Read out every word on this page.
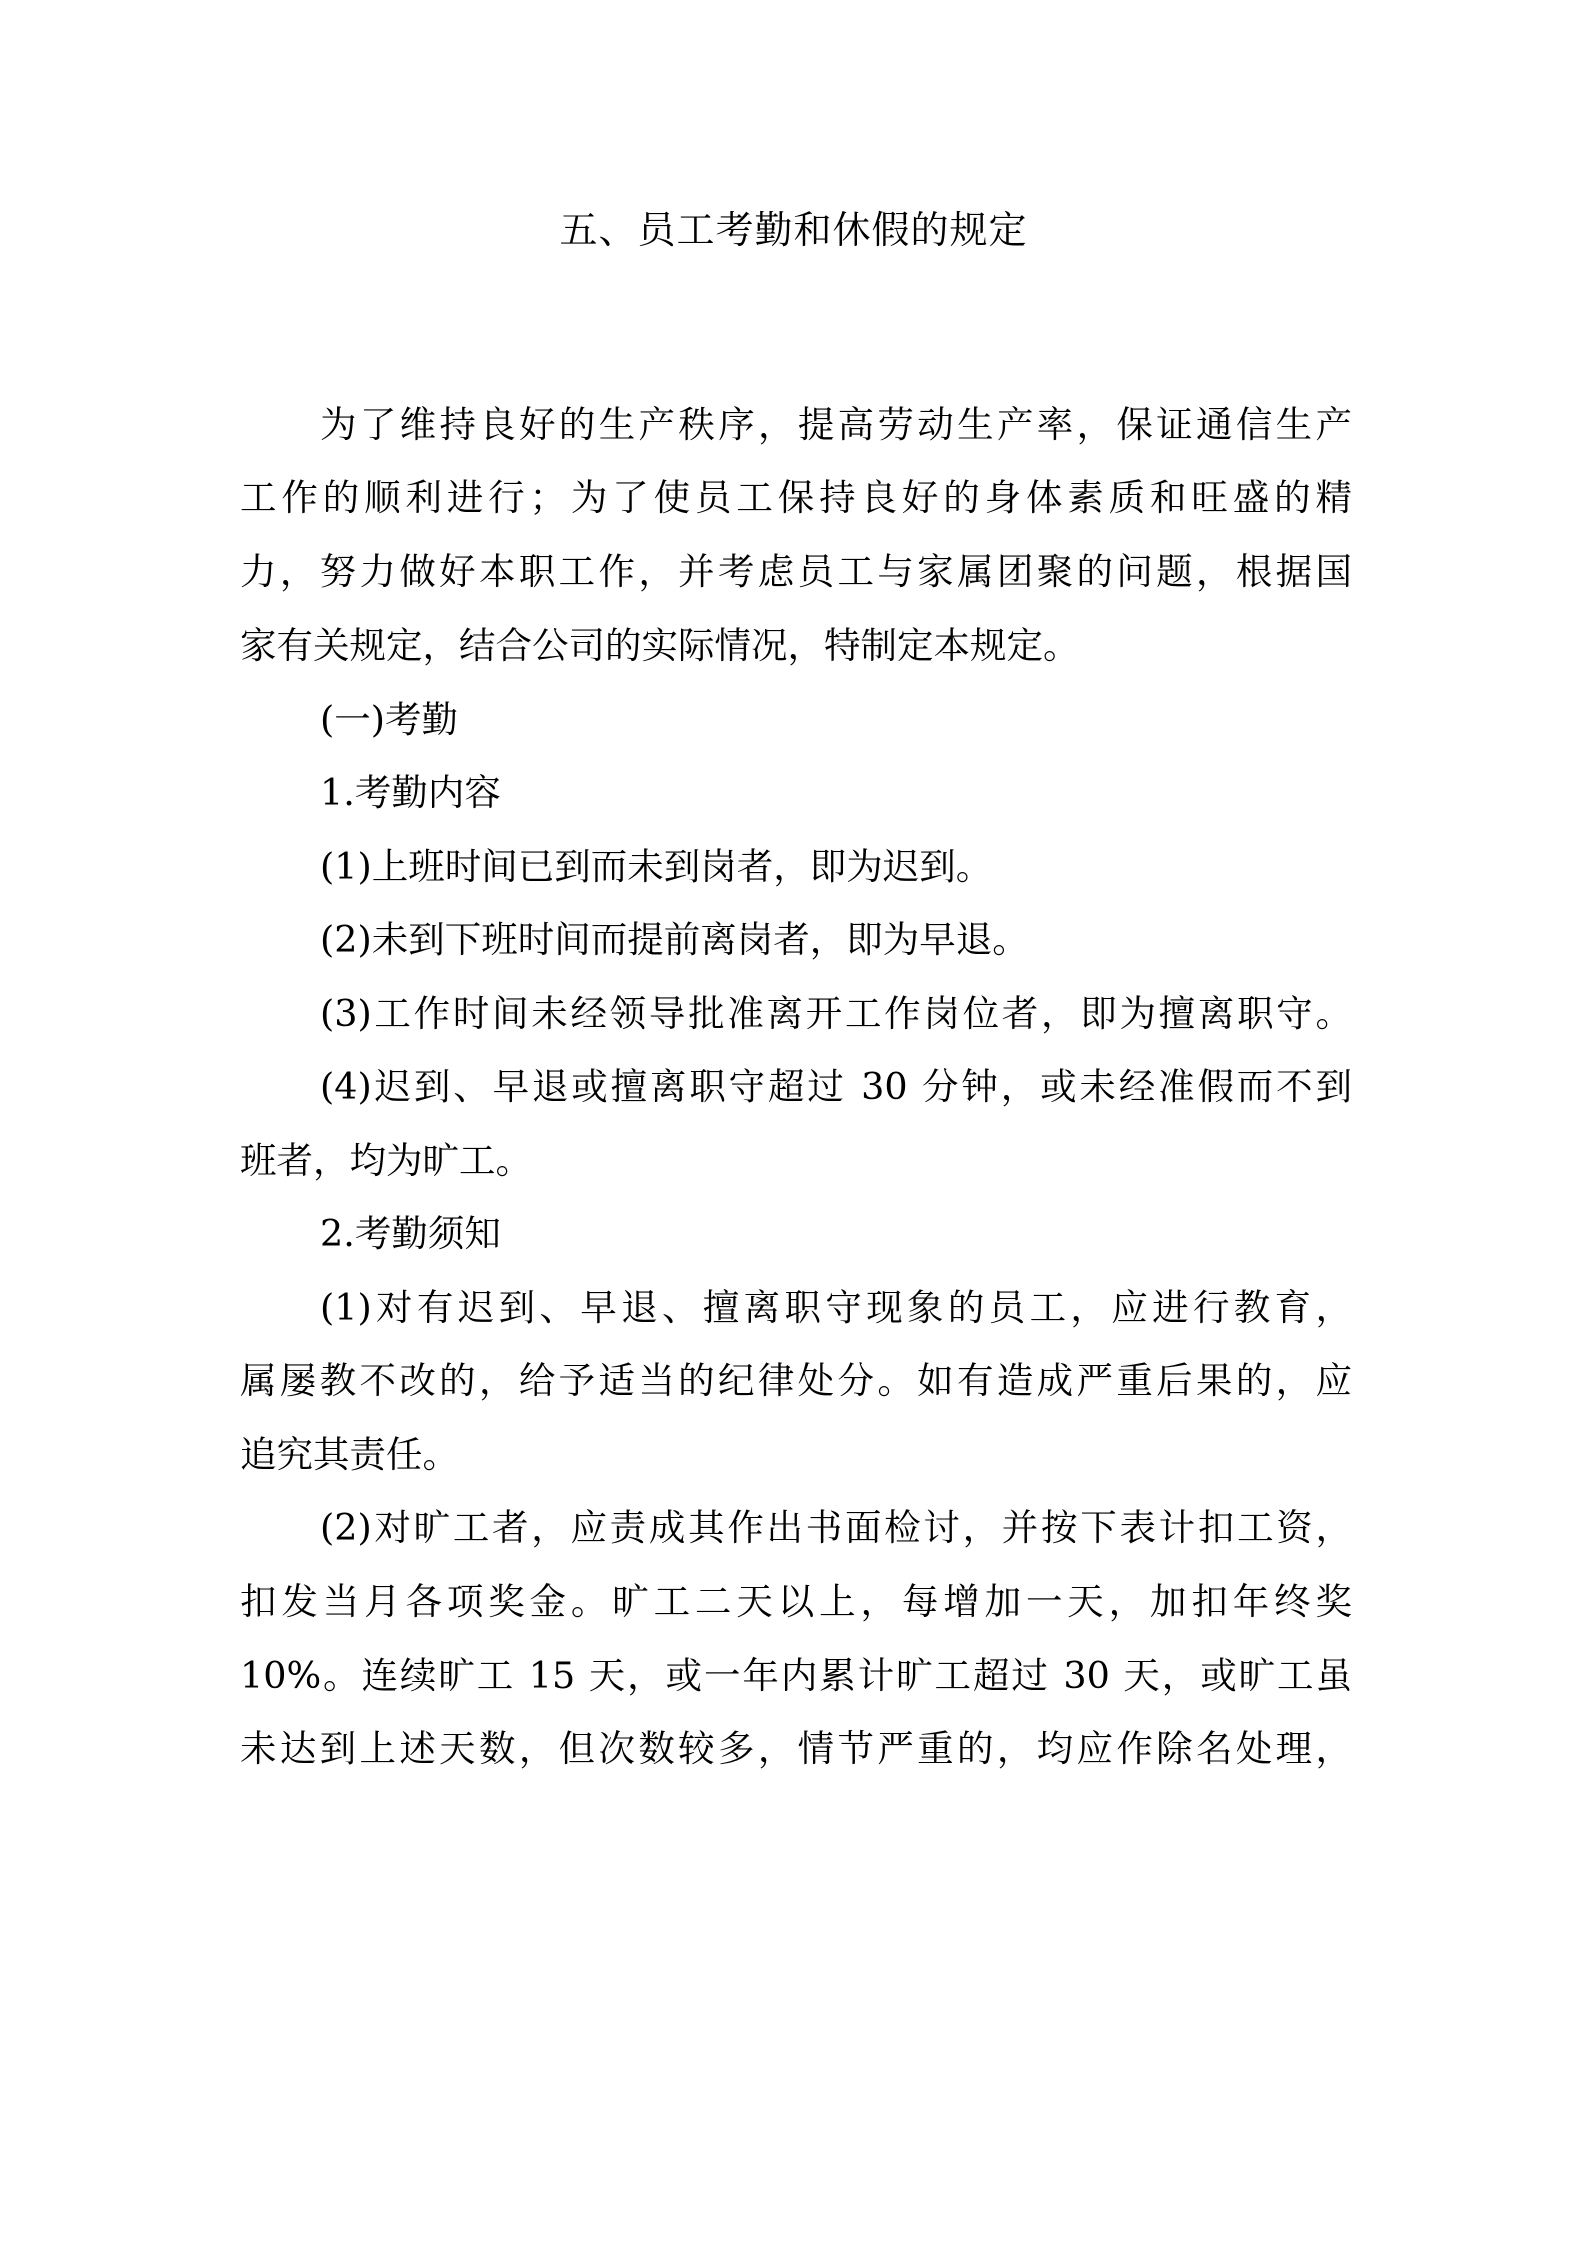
五、员工考勤和休假的规定
为了维持良好的生产秩序，提高劳动生产率，保证通信生产
工作的顺利进行；为了使员工保持良好的身体素质和旺盛的精
力，努力做好本职工作，并考虑员工与家属团聚的问题，根据国
家有关规定，结合公司的实际情况，特制定本规定。
(一)考勤
1.考勤内容
(1)上班时间已到而未到岗者，即为迟到。
(2)未到下班时间而提前离岗者，即为早退。
(3)工作时间未经领导批准离开工作岗位者，即为擅离职守。
(4)迟到、早退或擅离职守超过 30 分钟，或未经准假而不到
班者，均为旷工。
2.考勤须知
(1)对有迟到、早退、擅离职守现象的员工，应进行教育，
属屡教不改的，给予适当的纪律处分。如有造成严重后果的，应
追究其责任。
(2)对旷工者，应责成其作出书面检讨，并按下表计扣工资，
扣发当月各项奖金。旷工二天以上，每增加一天，加扣年终奖
10%。连续旷工 15 天，或一年内累计旷工超过 30 天，或旷工虽
未达到上述天数，但次数较多，情节严重的，均应作除名处理，
